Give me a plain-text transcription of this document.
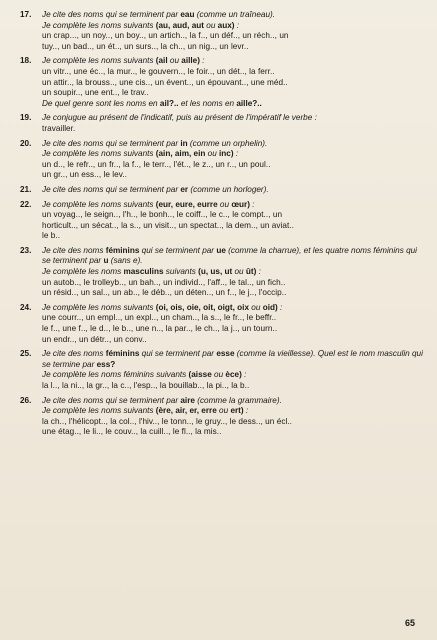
17.	Je cite des noms qui se terminent par eau (comme un traîneau).

Je complète les noms suivants (au, aud, aut ou aux) :

un crap..., un noy.., un boy.., un artich.., la f.., un déf.., un réch.., un

tuy.., un bad.., un ét.., un surs.., la ch.., un nig.., un levr..

18.	Je complète les noms suivants (ail ou aille) :

un vitr.., une éc.., la mur.., le gouvern.., le foir.., un dét.., la ferr..

un attir.., la brouss.., une cis.., un évent.., un épouvant.., une méd..

un soupir.., une ent.., le trav..

De quel genre sont les noms en ail?.. et les noms en aille?..

19.	Je conjugue au présent de l'indicatif, puis au présent de l'impératif le verbe :

travailler.

20.	Je cite des noms qui se terminent par in (comme un orphelin).

Je complète les noms suivants (ain, aim, ein ou inc) :

un d.., le refr.., un fr.., la f.., le terr.., l'ét.., le z.., un r.., un poul..

un gr.., un ess.., le lev..

21.	Je cite des noms qui se terminent par er (comme un horloger).

22.	Je complète les noms suivants (eur, eure, eurre ou œur) :

un voyag.., le seign.., l'h.., le bonh.., le coiff.., le c.., le compt.., un

horticult.., un sécat.., la s.., un visit.., un spectat.., la dem.., un aviat..

le b..

23.	Je cite des noms féminins qui se terminent par ue (comme la charrue), et les quatre noms féminins qui se terminent par u (sans e).

Je complète les noms masculins suivants (u, us, ut ou ût) :

un autob.., le trolleyb.., un bah.., un individ.., l'aff.., le tal.., un fich..

un résid.., un sal.., un ab.., le déb.., un déten.., un f.., le j.., l'occip..

24.	Je complète les noms suivants (oi, ois, oie, oit, oigt, oix ou oid) :

une courr.., un empl.., un expl.., un cham.., la s.., le fr.., le beffr..

le f.., une f.., le d.., le b.., une n.., la par.., le ch.., la j.., un tourn..

un endr.., un détr.., un conv..

25.	Je cite des noms féminins qui se terminent par esse (comme la vieillesse). Quel est le nom masculin qui se termine par ess?

Je complète les noms féminins suivants (aisse ou èce) :

la l.., la ni.., la gr.., la c.., l'esp.., la bouillab.., la pi.., la b..

26.	Je cite des noms qui se terminent par aire (comme la grammaire).

Je complète les noms suivants (ère, air, er, erre ou ert) :

la ch.., l'hélicopt.., la col.., l'hiv.., le tonn.., le gruy.., le dess.., un écl..

une étag.., le li.., le couv.., la cuill.., le fl.., la mis..

65
